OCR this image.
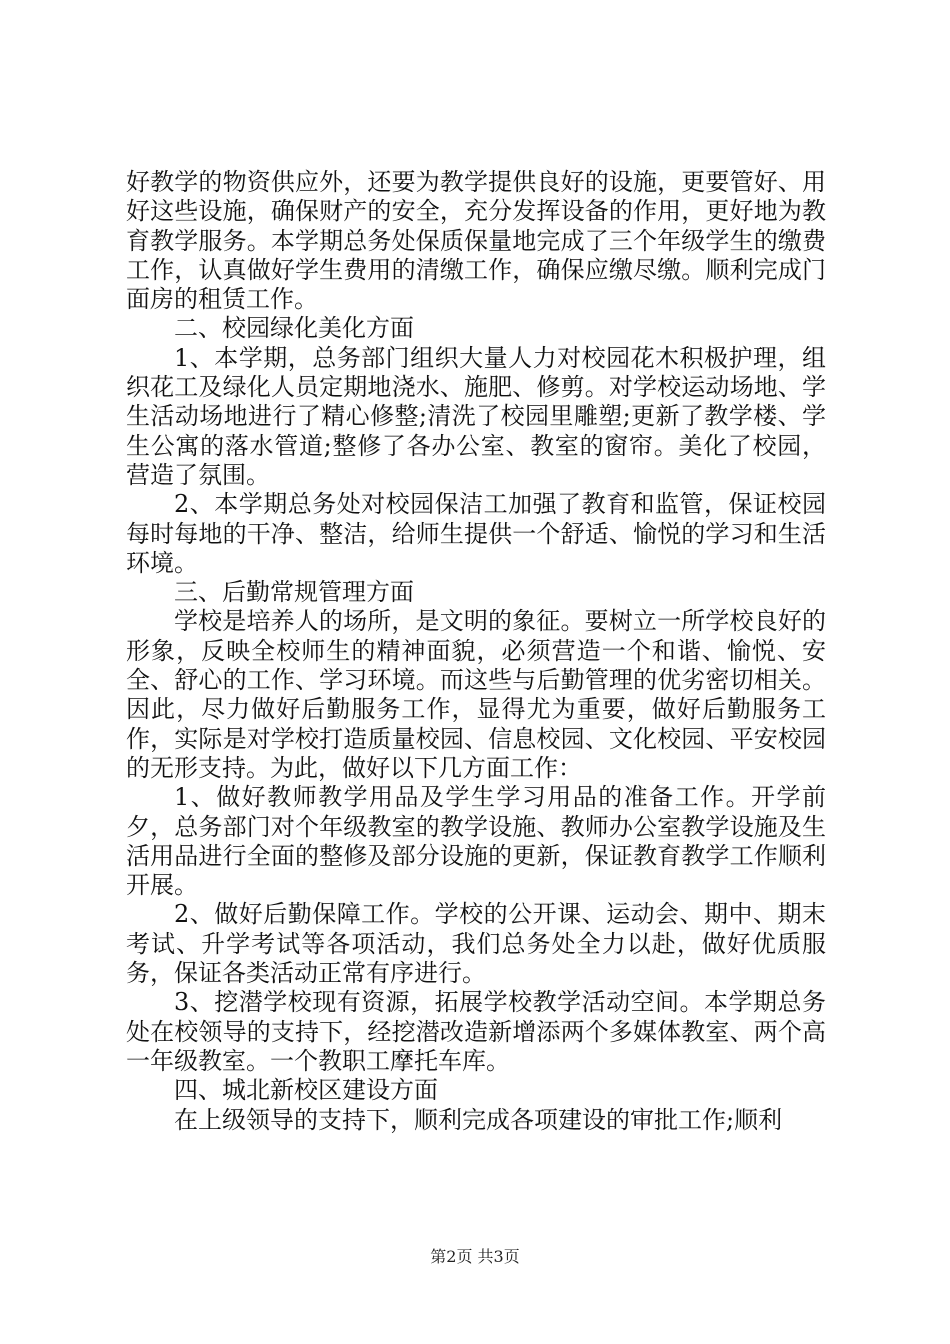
好教学的物资供应外，还要为教学提供良好的设施，更要管好、用好这些设施，确保财产的安全，充分发挥设备的作用，更好地为教育教学服务。本学期总务处保质保量地完成了三个年级学生的缴费工作，认真做好学生费用的清缴工作，确保应缴尽缴。顺利完成门面房的租赁工作。

二、校园绿化美化方面

1、本学期，总务部门组织大量人力对校园花木积极护理，组织花工及绿化人员定期地浇水、施肥、修剪。对学校运动场地、学生活动场地进行了精心修整;清洗了校园里雕塑;更新了教学楼、学生公寓的落水管道;整修了各办公室、教室的窗帘。美化了校园，营造了氛围。

2、本学期总务处对校园保洁工加强了教育和监管，保证校园每时每地的干净、整洁，给师生提供一个舒适、愉悦的学习和生活环境。

三、后勤常规管理方面

学校是培养人的场所，是文明的象征。要树立一所学校良好的形象，反映全校师生的精神面貌，必须营造一个和谐、愉悦、安全、舒心的工作、学习环境。而这些与后勤管理的优劣密切相关。因此，尽力做好后勤服务工作，显得尤为重要，做好后勤服务工作，实际是对学校打造质量校园、信息校园、文化校园、平安校园的无形支持。为此，做好以下几方面工作：

1、做好教师教学用品及学生学习用品的准备工作。开学前夕，总务部门对个年级教室的教学设施、教师办公室教学设施及生活用品进行全面的整修及部分设施的更新，保证教育教学工作顺利开展。

2、做好后勤保障工作。学校的公开课、运动会、期中、期末考试、升学考试等各项活动，我们总务处全力以赴，做好优质服务，保证各类活动正常有序进行。

3、挖潜学校现有资源，拓展学校教学活动空间。本学期总务处在校领导的支持下，经挖潜改造新增添两个多媒体教室、两个高一年级教室。一个教职工摩托车库。

四、城北新校区建设方面

在上级领导的支持下，顺利完成各项建设的审批工作;顺利

第2页 共3页
